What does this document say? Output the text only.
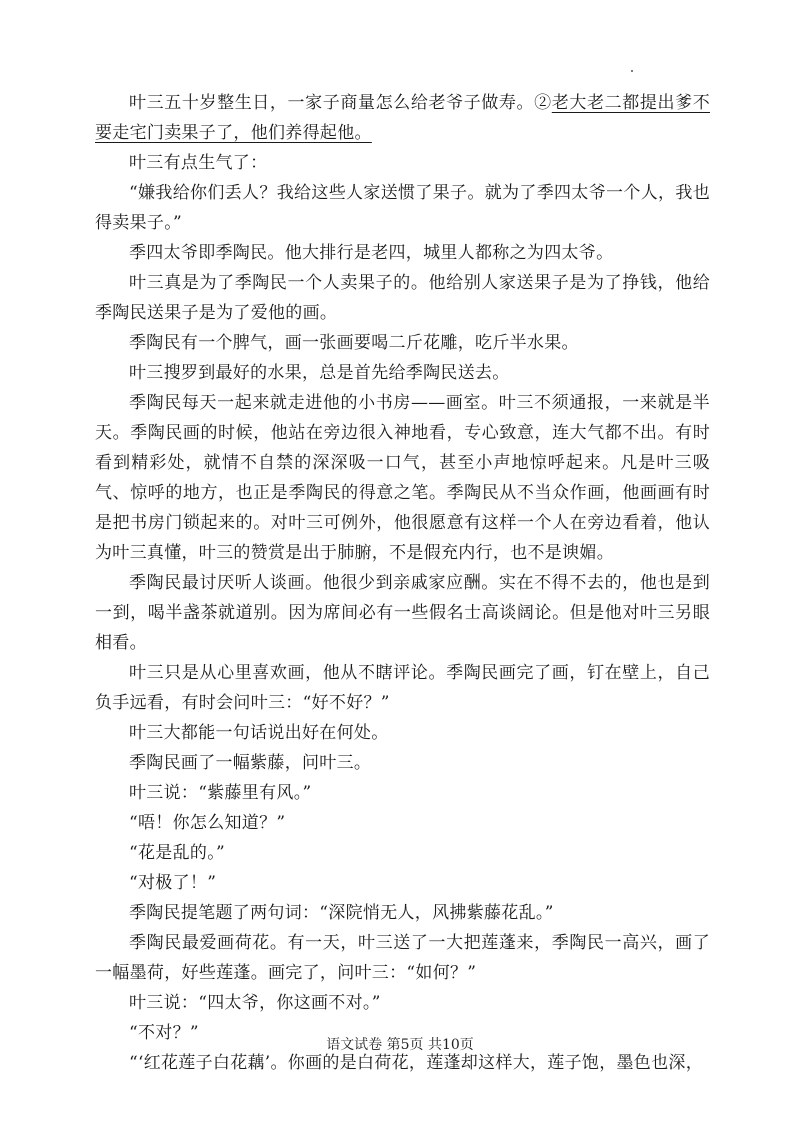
叶三五十岁整生日，一家子商量怎么给老爷子做寿。②老大老二都提出爹不要走宅门卖果子了，他们养得起他。

叶三有点生气了：

“嫌我给你们丢人？我给这些人家送惯了果子。就为了季四太爷一个人，我也得卖果子。”

季四太爷即季陶民。他大排行是老四，城里人都称之为四太爷。

叶三真是为了季陶民一个人卖果子的。他给别人家送果子是为了挣钱，他给季陶民送果子是为了爱他的画。

季陶民有一个脾气，画一张画要喝二斤花雕，吃斤半水果。

叶三搜罗到最好的水果，总是首先给季陶民送去。

季陶民每天一起来就走进他的小书房——画室。叶三不须通报，一来就是半天。季陶民画的时候，他站在旁边很入神地看，专心致意，连大气都不出。有时看到精彩处，就情不自禁的深深吸一口气，甚至小声地惊呼起来。凡是叶三吸气、惊呼的地方，也正是季陶民的得意之笔。季陶民从不当众作画，他画画有时是把书房门锁起来的。对叶三可例外，他很愿意有这样一个人在旁边看着，他认为叶三真懂，叶三的赞赏是出于肺腑，不是假充内行，也不是谀媚。

季陶民最讨厌听人谈画。他很少到亲戚家应酬。实在不得不去的，他也是到一到，喝半盏茶就道别。因为席间必有一些假名士高谈阔论。但是他对叶三另眼相看。

叶三只是从心里喜欢画，他从不瞎评论。季陶民画完了画，钉在壁上，自己负手远看，有时会问叶三：“好不好？”

叶三大都能一句话说出好在何处。

季陶民画了一幅紫藤，问叶三。

叶三说：“紫藤里有风。”

“唔！你怎么知道？”

“花是乱的。”

“对极了！”

季陶民提笔题了两句词：“深院悄无人，风拂紫藤花乱。”

季陶民最爱画荷花。有一天，叶三送了一大把莲蓬来，季陶民一高兴，画了一幅墨荷，好些莲蓬。画完了，问叶三：“如何？”

叶三说：“四太爷，你这画不对。”

“不对？”

“‘红花莲子白花藕’。你画的是白荷花，莲蓬却这样大，莲子饱，墨色也深，

语文试卷 第5页 共10页
